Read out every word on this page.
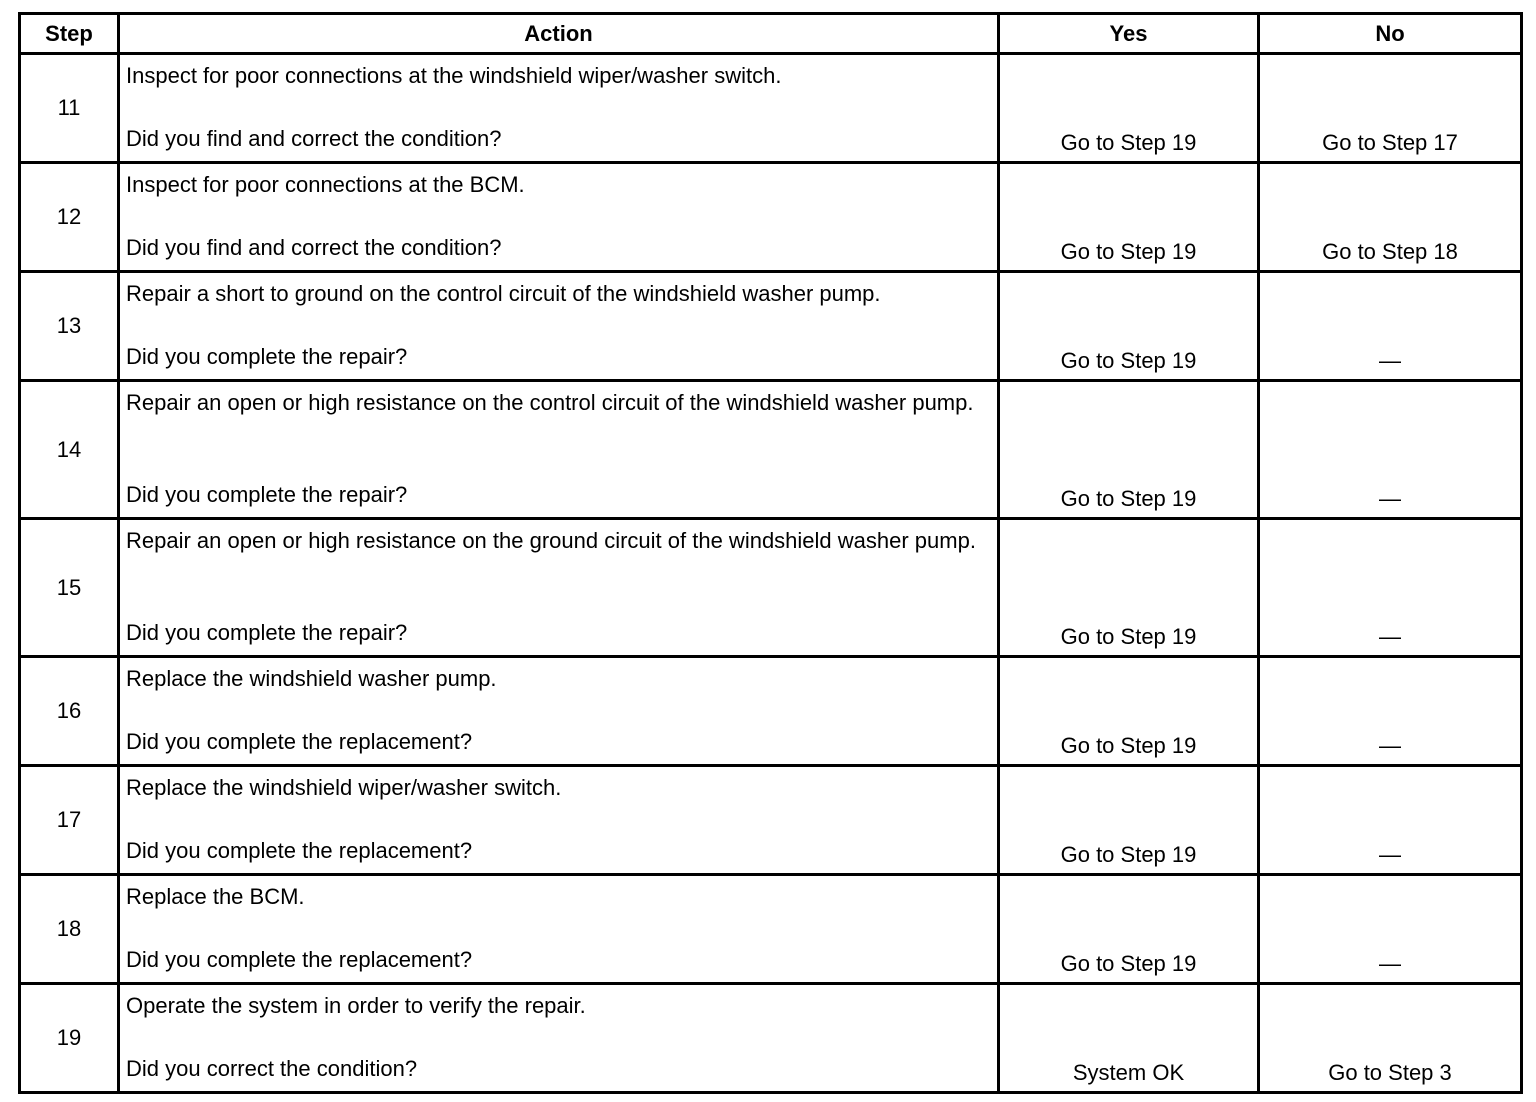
Step	Action	Yes	No
11	Inspect for poor connections at the windshield wiper/washer switch.
Did you find and correct the condition?	Go to Step 19	Go to Step 17
12	Inspect for poor connections at the BCM.
Did you find and correct the condition?	Go to Step 19	Go to Step 18
13	Repair a short to ground on the control circuit of the windshield washer pump.
Did you complete the repair?	Go to Step 19	—
14	Repair an open or high resistance on the control circuit of the windshield washer pump.
Did you complete the repair?	Go to Step 19	—
15	Repair an open or high resistance on the ground circuit of the windshield washer pump.
Did you complete the repair?	Go to Step 19	—
16	Replace the windshield washer pump.
Did you complete the replacement?	Go to Step 19	—
17	Replace the windshield wiper/washer switch.
Did you complete the replacement?	Go to Step 19	—
18	Replace the BCM.
Did you complete the replacement?	Go to Step 19	—
19	Operate the system in order to verify the repair.
Did you correct the condition?	System OK	Go to Step 3
